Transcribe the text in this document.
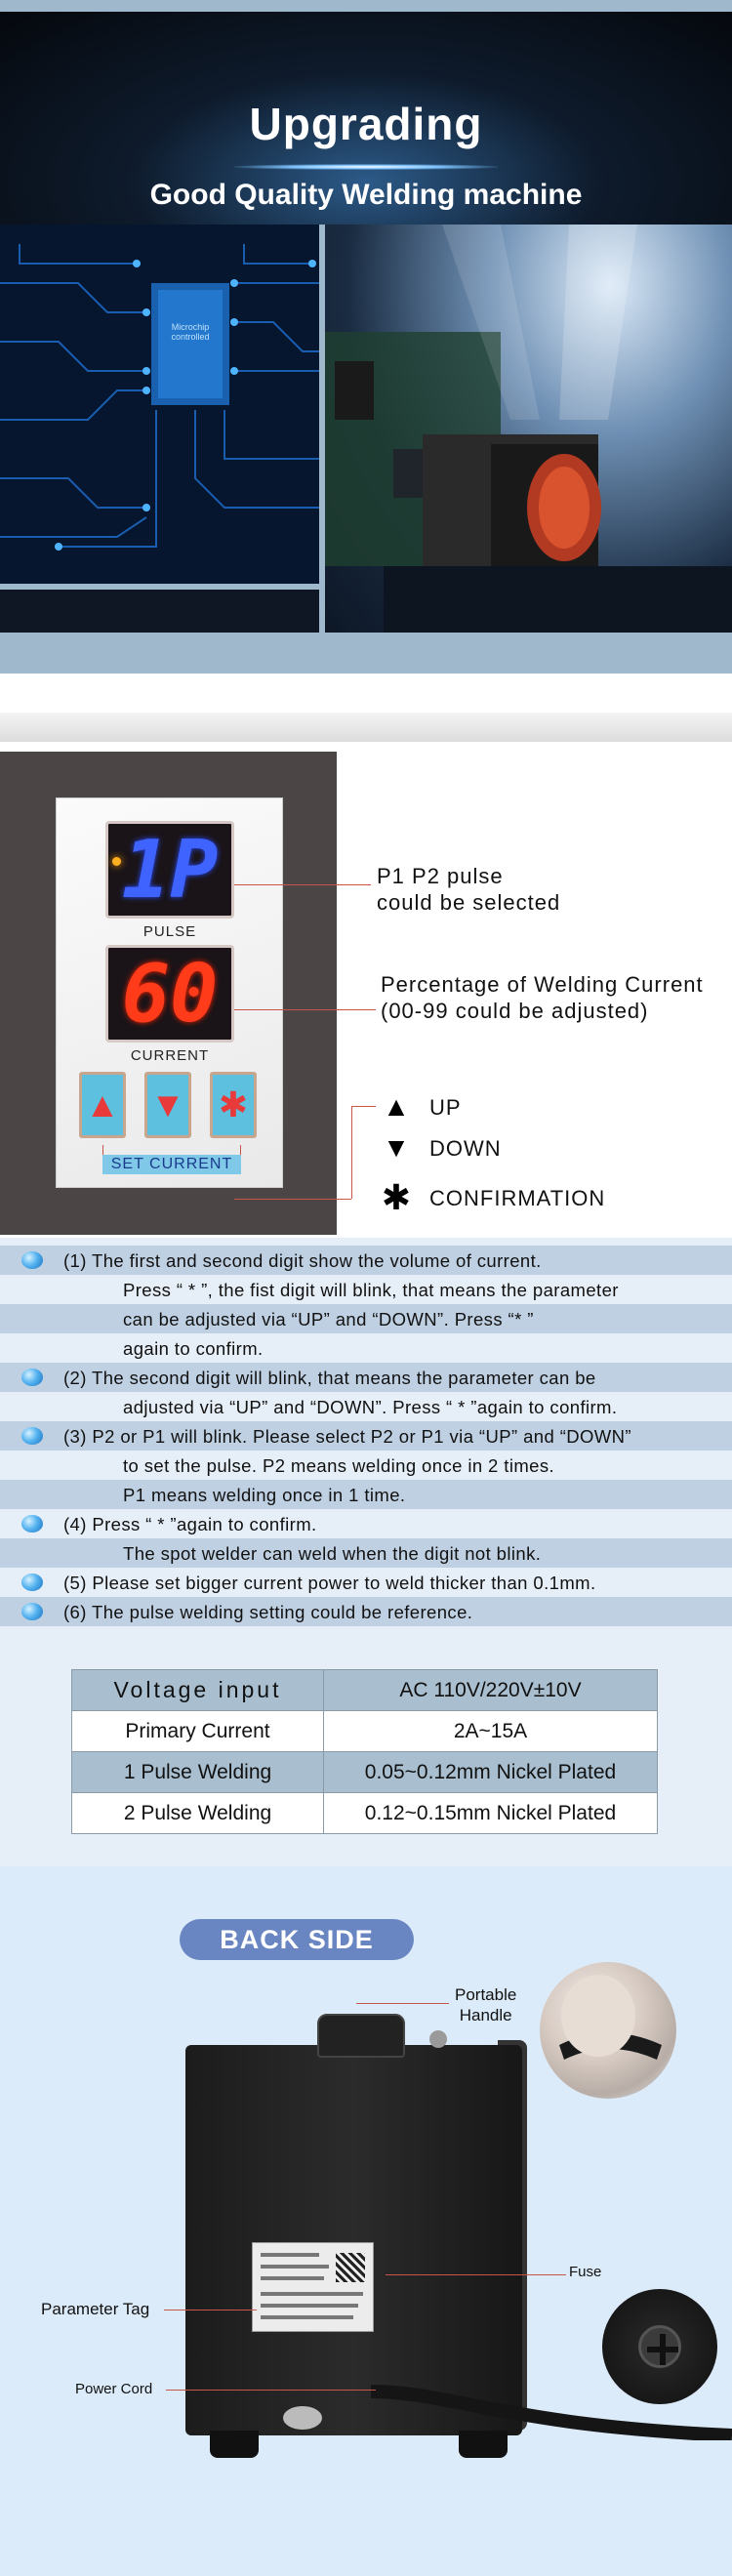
Upgrading
Good Quality Welding machine
Microchip controlled
1P
PULSE
60
CURRENT
▲ ▼ ✱
SET CURRENT
P1 P2 pulse
could be selected
Percentage of Welding Current
(00-99 could be adjusted)
▲ UP
▼ DOWN
✱ CONFIRMATION
(1) The first and second digit show the volume of current.
Press “ * ”, the fist digit will blink, that means the parameter
can be adjusted via “UP” and “DOWN”. Press “* ”
again to confirm.
(2) The second digit will blink, that means the parameter can be
adjusted via “UP” and “DOWN”. Press “ * ”again to confirm.
(3) P2 or P1 will blink. Please select P2 or P1 via “UP” and “DOWN”
to set the pulse. P2 means welding once in 2 times.
P1 means welding once in 1 time.
(4) Press “ * ”again to confirm.
The spot welder can weld when the digit not blink.
(5) Please set bigger current power to weld thicker than 0.1mm.
(6) The pulse welding setting could be reference.
Voltage input	AC 110V/220V±10V
Primary Current	2A~15A
1 Pulse Welding	0.05~0.12mm Nickel Plated
2 Pulse Welding	0.12~0.15mm Nickel Plated
BACK SIDE
Portable
Handle
Fuse
Parameter Tag
Power Cord
